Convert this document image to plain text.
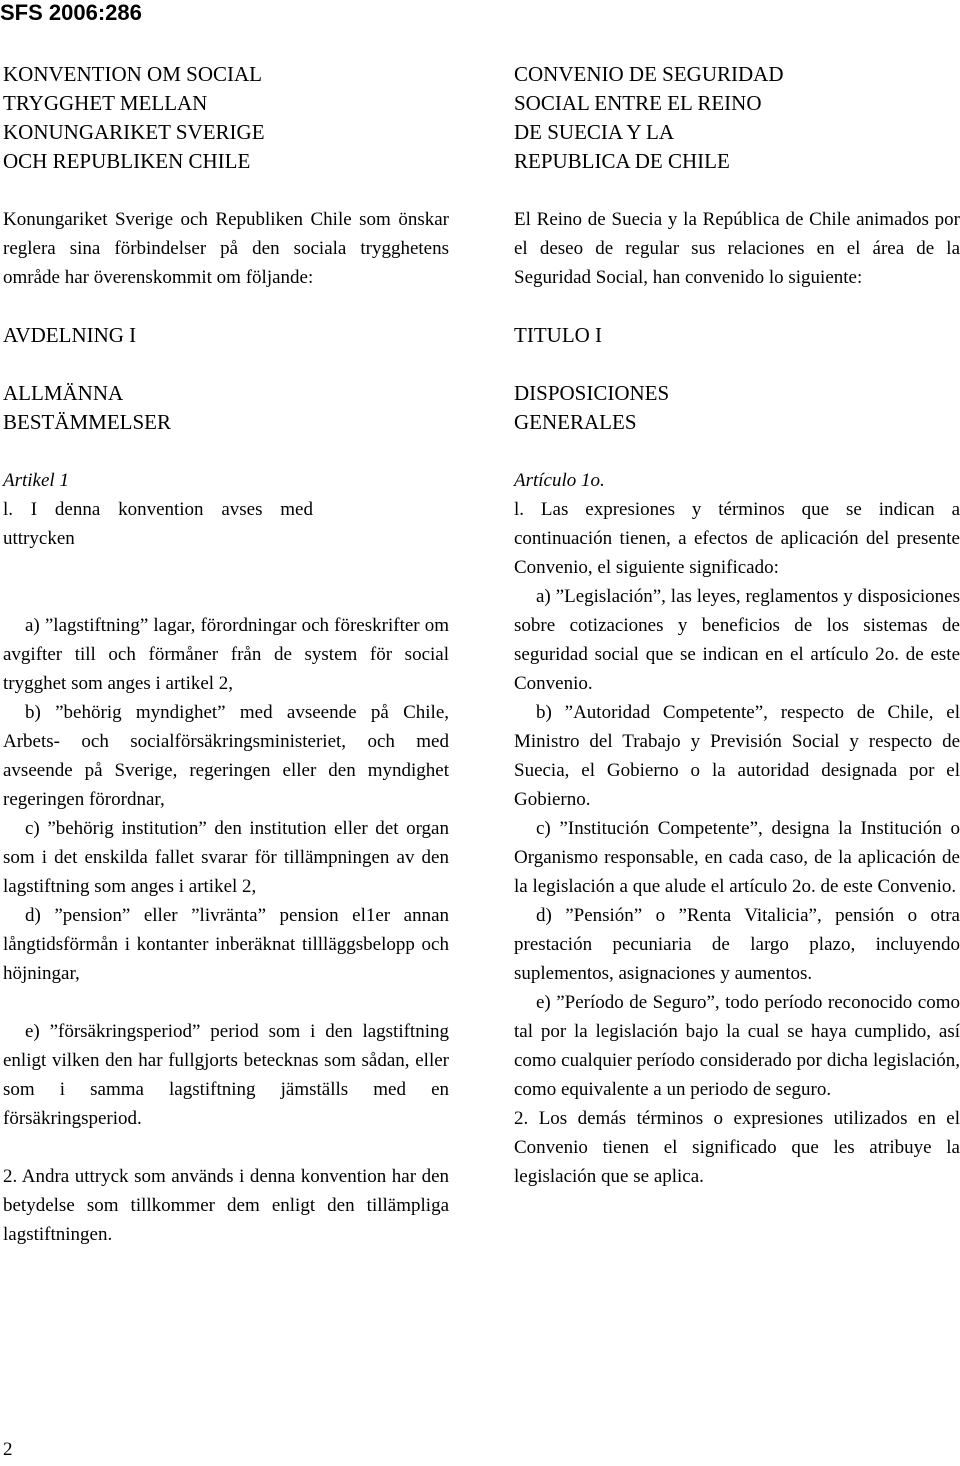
SFS 2006:286
KONVENTION OM SOCIAL
TRYGGHET MELLAN
KONUNGARIKET SVERIGE
OCH REPUBLIKEN CHILE

Konungariket Sverige och Republiken Chile som önskar reglera sina förbindelser på den sociala trygghetens område har överenskommit om följande:

AVDELNING I
ALLMÄNNA
BESTÄMMELSER
Artikel 1

l. I denna konvention avses med uttrycken

a) ”lagstiftning” lagar, förordningar och föreskrifter om avgifter till och förmåner från de system för social trygghet som anges i artikel 2,

b) ”behörig myndighet” med avseende på Chile, Arbets- och socialförsäkringsministeriet, och med avseende på Sverige, regeringen eller den myndighet regeringen förordnar,

c) ”behörig institution” den institution eller det organ som i det enskilda fallet svarar för tillämpningen av den lagstiftning som anges i artikel 2,

d) ”pension” eller ”livränta” pension el1er annan långtidsförmån i kontanter inberäknat tillläggsbelopp och höjningar,

e) ”försäkringsperiod” period som i den lagstiftning enligt vilken den har fullgjorts betecknas som sådan, eller som i samma lagstiftning jämställs med en försäkringsperiod.

2. Andra uttryck som används i denna konvention har den betydelse som tillkommer dem enligt den tillämpliga lagstiftningen.

CONVENIO DE SEGURIDAD
SOCIAL ENTRE EL REINO
DE SUECIA Y LA
REPUBLICA DE CHILE

El Reino de Suecia y la República de Chile animados por el deseo de regular sus relaciones en el área de la Seguridad Social, han convenido lo siguiente:

TITULO I
DISPOSICIONES
GENERALES
Artículo 1o.

l. Las expresiones y términos que se indican a continuación tienen, a efectos de aplicación del presente Convenio, el siguiente significado:

a) ”Legislación”, las leyes, reglamentos y disposiciones sobre cotizaciones y beneficios de los sistemas de seguridad social que se indican en el artículo 2o. de este Convenio.

b) ”Autoridad Competente”, respecto de Chile, el Ministro del Trabajo y Previsión Social y respecto de Suecia, el Gobierno o la autoridad designada por el Gobierno.

c) ”Institución Competente”, designa la Institución o Organismo responsable, en cada caso, de la aplicación de la legislación a que alude el artículo 2o. de este Convenio.

d) ”Pensión” o ”Renta Vitalicia”, pensión o otra prestación pecuniaria de largo plazo, incluyendo suplementos, asignaciones y aumentos.

e) ”Período de Seguro”, todo período reconocido como tal por la legislación bajo la cual se haya cumplido, así como cualquier período considerado por dicha legislación, como equivalente a un periodo de seguro.

2. Los demás términos o expresiones utilizados en el Convenio tienen el significado que les atribuye la legislación que se aplica.

2
